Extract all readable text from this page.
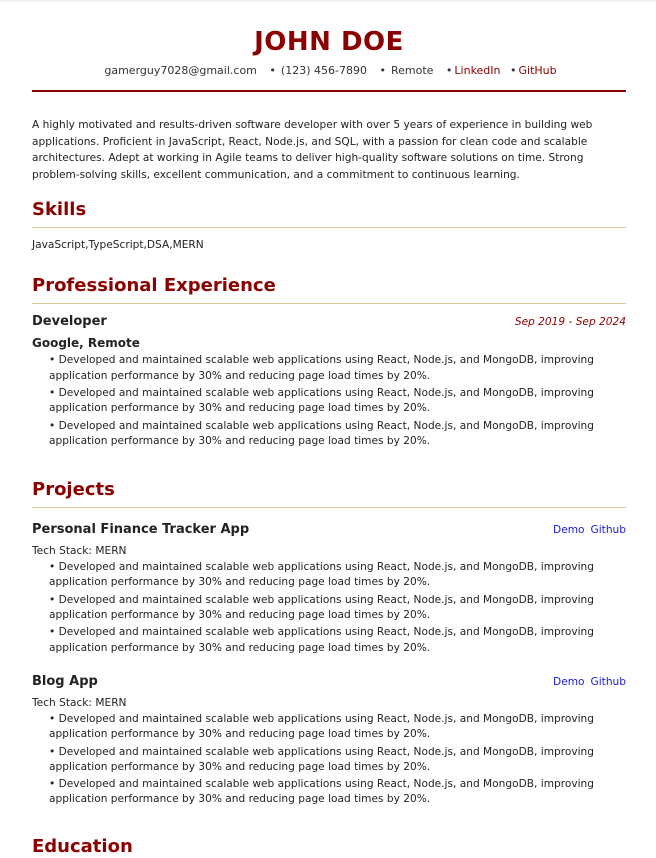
JOHN DOE
gamerguy7028@gmail.com • (123) 456-7890 • Remote • LinkedIn • GitHub
A highly motivated and results-driven software developer with over 5 years of experience in building web applications. Proficient in JavaScript, React, Node.js, and SQL, with a passion for clean code and scalable architectures. Adept at working in Agile teams to deliver high-quality software solutions on time. Strong problem-solving skills, excellent communication, and a commitment to continuous learning.
Skills
JavaScript,TypeScript,DSA,MERN
Professional Experience
Developer	Sep 2019 - Sep 2024
Google, Remote
• Developed and maintained scalable web applications using React, Node.js, and MongoDB, improving application performance by 30% and reducing page load times by 20%.
• Developed and maintained scalable web applications using React, Node.js, and MongoDB, improving application performance by 30% and reducing page load times by 20%.
• Developed and maintained scalable web applications using React, Node.js, and MongoDB, improving application performance by 30% and reducing page load times by 20%.
Projects
Personal Finance Tracker App	Demo Github
Tech Stack: MERN
• Developed and maintained scalable web applications using React, Node.js, and MongoDB, improving application performance by 30% and reducing page load times by 20%.
• Developed and maintained scalable web applications using React, Node.js, and MongoDB, improving application performance by 30% and reducing page load times by 20%.
• Developed and maintained scalable web applications using React, Node.js, and MongoDB, improving application performance by 30% and reducing page load times by 20%.
Blog App	Demo Github
Tech Stack: MERN
• Developed and maintained scalable web applications using React, Node.js, and MongoDB, improving application performance by 30% and reducing page load times by 20%.
• Developed and maintained scalable web applications using React, Node.js, and MongoDB, improving application performance by 30% and reducing page load times by 20%.
• Developed and maintained scalable web applications using React, Node.js, and MongoDB, improving application performance by 30% and reducing page load times by 20%.
Education
